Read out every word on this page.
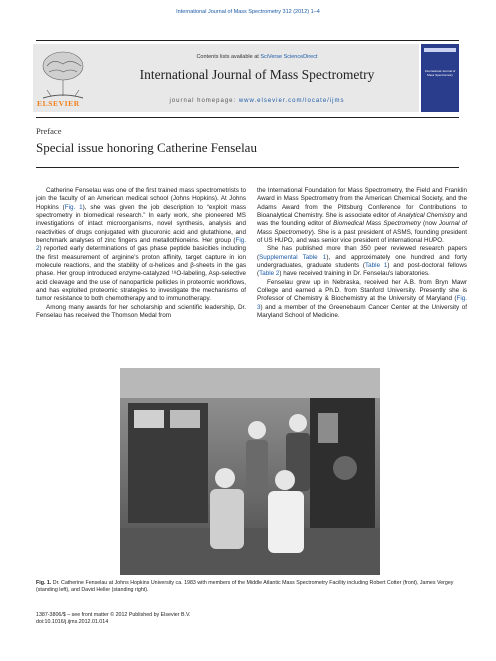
International Journal of Mass Spectrometry 312 (2012) 1–4
ELSEVIER
Contents lists available at SciVerse ScienceDirect
International Journal of Mass Spectrometry
journal homepage: www.elsevier.com/locate/ijms
International Journal of Mass Spectrometry
Preface
Special issue honoring Catherine Fenselau

Catherine Fenselau was one of the first trained mass spectrometrists to join the faculty of an American medical school (Johns Hopkins). At Johns Hopkins (Fig. 1), she was given the job description to “exploit mass spectrometry in biomedical research.” In early work, she pioneered MS investigations of intact microorganisms, novel synthesis, analysis and reactivities of drugs conjugated with glucuronic acid and glutathione, and benchmark analyses of zinc fingers and metallothioneins. Her group (Fig. 2) reported early determinations of gas phase peptide basicities including the first measurement of arginine's proton affinity, target capture in ion molecule reactions, and the stability of α-helices and β-sheets in the gas phase. Her group introduced enzyme-catalyzed ¹⁸O-labeling, Asp-selective acid cleavage and the use of nanoparticle pellicles in proteomic workflows, and has exploited proteomic strategies to investigate the mechanisms of tumor resistance to both chemotherapy and to immunotherapy.

Among many awards for her scholarship and scientific leadership, Dr. Fenselau has received the Thomson Medal from

the International Foundation for Mass Spectrometry, the Field and Franklin Award in Mass Spectrometry from the American Chemical Society, and the Adams Award from the Pittsburg Conference for Contributions to Bioanalytical Chemistry. She is associate editor of Analytical Chemistry and was the founding editor of Biomedical Mass Spectrometry (now Journal of Mass Spectrometry). She is a past president of ASMS, founding president of US HUPO, and was senior vice president of international HUPO.

She has published more than 350 peer reviewed research papers (Supplemental Table 1), and approximately one hundred and forty undergraduates, graduate students (Table 1) and post-doctoral fellows (Table 2) have received training in Dr. Fenselau's laboratories.

Fenselau grew up in Nebraska, received her A.B. from Bryn Mawr College and earned a Ph.D. from Stanford University. Presently she is Professor of Chemistry & Biochemistry at the University of Maryland (Fig. 3) and a member of the Greenebaum Cancer Center at the University of Maryland School of Medicine.

Fig. 1. Dr. Catherine Fenselau at Johns Hopkins University ca. 1983 with members of the Middle Atlantic Mass Spectrometry Facility including Robert Cotter (front), James Vergey (standing left), and David Heller (standing right).
1387-3806/$ – see front matter © 2012 Published by Elsevier B.V.
doi:10.1016/j.ijms.2012.01.014
